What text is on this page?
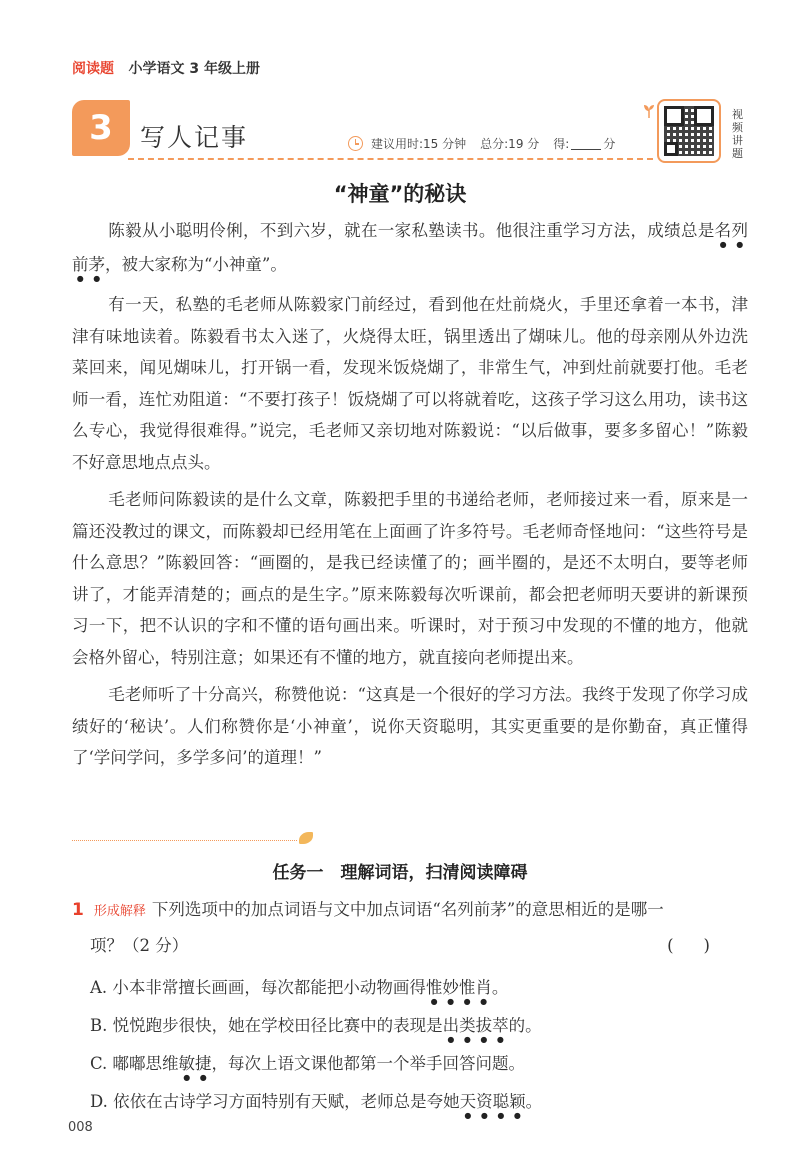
阅读题 小学语文 3 年级上册
3	写人记事	建议用时:15 分钟 总分:19 分 得:	分
视频讲题
“神童”的秘诀

陈毅从小聪明伶俐，不到六岁，就在一家私塾读书。他很注重学习方法，成绩总是名列前茅，被大家称为“小神童”。

有一天，私塾的毛老师从陈毅家门前经过，看到他在灶前烧火，手里还拿着一本书，津津有味地读着。陈毅看书太入迷了，火烧得太旺，锅里透出了煳味儿。他的母亲刚从外边洗菜回来，闻见煳味儿，打开锅一看，发现米饭烧煳了，非常生气，冲到灶前就要打他。毛老师一看，连忙劝阻道：“不要打孩子！饭烧煳了可以将就着吃，这孩子学习这么用功，读书这么专心，我觉得很难得。”说完，毛老师又亲切地对陈毅说：“以后做事，要多多留心！”陈毅不好意思地点点头。

毛老师问陈毅读的是什么文章，陈毅把手里的书递给老师，老师接过来一看，原来是一篇还没教过的课文，而陈毅却已经用笔在上面画了许多符号。毛老师奇怪地问：“这些符号是什么意思？”陈毅回答：“画圈的，是我已经读懂了的；画半圈的，是还不太明白，要等老师讲了，才能弄清楚的；画点的是生字。”原来陈毅每次听课前，都会把老师明天要讲的新课预习一下，把不认识的字和不懂的语句画出来。听课时，对于预习中发现的不懂的地方，他就会格外留心，特别注意；如果还有不懂的地方，就直接向老师提出来。

毛老师听了十分高兴，称赞他说：“这真是一个很好的学习方法。我终于发现了你学习成绩好的‘秘诀’。人们称赞你是‘小神童’，说你天资聪明，其实更重要的是你勤奋，真正懂得了‘学问学问，多学多问’的道理！”

任务一　理解词语，扫清阅读障碍
1 形成解释 下列选项中的加点词语与文中加点词语“名列前茅”的意思相近的是哪一
项？（2 分）	()
A. 小本非常擅长画画，每次都能把小动物画得惟妙惟肖。
B. 悦悦跑步很快，她在学校田径比赛中的表现是出类拔萃的。
C. 嘟嘟思维敏捷，每次上语文课他都第一个举手回答问题。
D. 依依在古诗学习方面特别有天赋，老师总是夸她天资聪颖。
008
